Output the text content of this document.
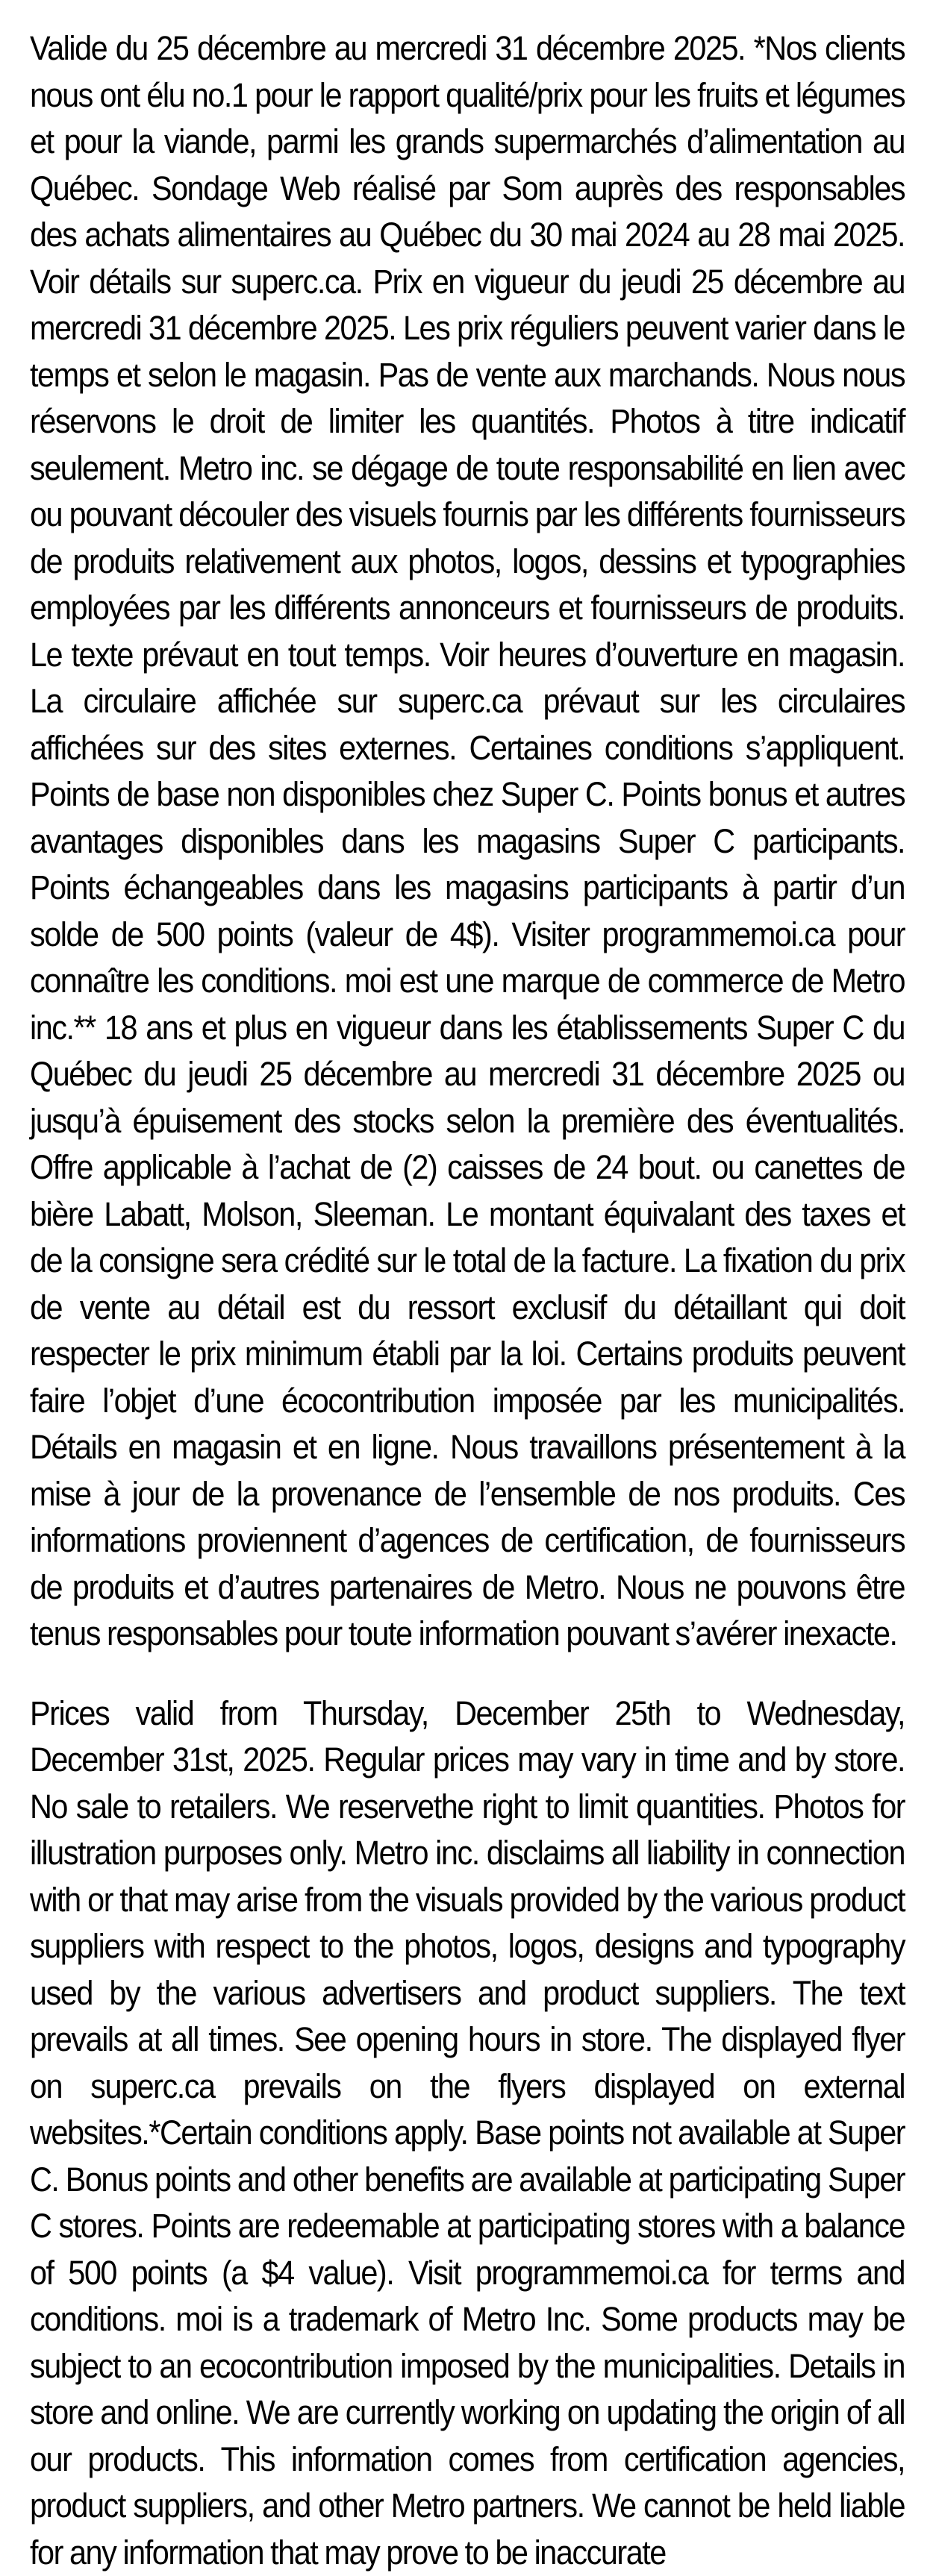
Valide du 25 décembre au mercredi 31 décembre 2025. *Nos clients nous ont élu no.1 pour le rapport qualité/prix pour les fruits et légumes et pour la viande, parmi les grands supermarchés d’alimentation au Québec. Sondage Web réalisé par Som auprès des responsables des achats alimentaires au Québec du 30 mai 2024 au 28 mai 2025. Voir détails sur superc.ca. Prix en vigueur du jeudi 25 décembre au mercredi 31 décembre 2025. Les prix réguliers peuvent varier dans le temps et selon le magasin. Pas de vente aux marchands. Nous nous réservons le droit de limiter les quantités. Photos à titre indicatif seulement. Metro inc. se dégage de toute responsabilité en lien avec ou pouvant découler des visuels fournis par les différents fournisseurs de produits relativement aux photos, logos, dessins et typographies employées par les différents annonceurs et fournisseurs de produits. Le texte prévaut en tout temps. Voir heures d’ouverture en magasin. La circulaire affichée sur superc.ca prévaut sur les circulaires affichées sur des sites externes. Certaines conditions s’appliquent. Points de base non disponibles chez Super C. Points bonus et autres avantages disponibles dans les magasins Super C participants. Points échangeables dans les magasins participants à partir d’un solde de 500 points (valeur de 4$). Visiter programmemoi.ca pour connaître les conditions. moi est une marque de commerce de Metro inc.** 18 ans et plus en vigueur dans les établissements Super C du Québec du jeudi 25 décembre au mercredi 31 décembre 2025 ou jusqu’à épuisement des stocks selon la première des éventualités. Offre applicable à l’achat de (2) caisses de 24 bout. ou canettes de bière Labatt, Molson, Sleeman. Le montant équivalant des taxes et de la consigne sera crédité sur le total de la facture. La fixation du prix de vente au détail est du ressort exclusif du détaillant qui doit respecter le prix minimum établi par la loi. Certains produits peuvent faire l’objet d’une écocontribution imposée par les municipalités. Détails en magasin et en ligne. Nous travaillons présentement à la mise à jour de la provenance de l’ensemble de nos produits. Ces informations proviennent d’agences de certification, de fournisseurs de produits et d’autres partenaires de Metro. Nous ne pouvons être tenus responsables pour toute information pouvant s’avérer inexacte.

Prices valid from Thursday, December 25th to Wednesday, December 31st, 2025. Regular prices may vary in time and by store. No sale to retailers. We reservethe right to limit quantities. Photos for illustration purposes only. Metro inc. disclaims all liability in connection with or that may arise from the visuals provided by the various product suppliers with respect to the photos, logos, designs and typography used by the various advertisers and product suppliers. The text prevails at all times. See opening hours in store. The displayed flyer on superc.ca prevails on the flyers displayed on external websites.*Certain conditions apply. Base points not available at Super C. Bonus points and other benefits are available at participating Super C stores. Points are redeemable at participating stores with a balance of 500 points (a $4 value). Visit programmemoi.ca for terms and conditions. moi is a trademark of Metro Inc. Some products may be subject to an ecocontribution imposed by the municipalities. Details in store and online. We are currently working on updating the origin of all our products. This information comes from certification agencies, product suppliers, and other Metro partners. We cannot be held liable for any information that may prove to be inaccurate
